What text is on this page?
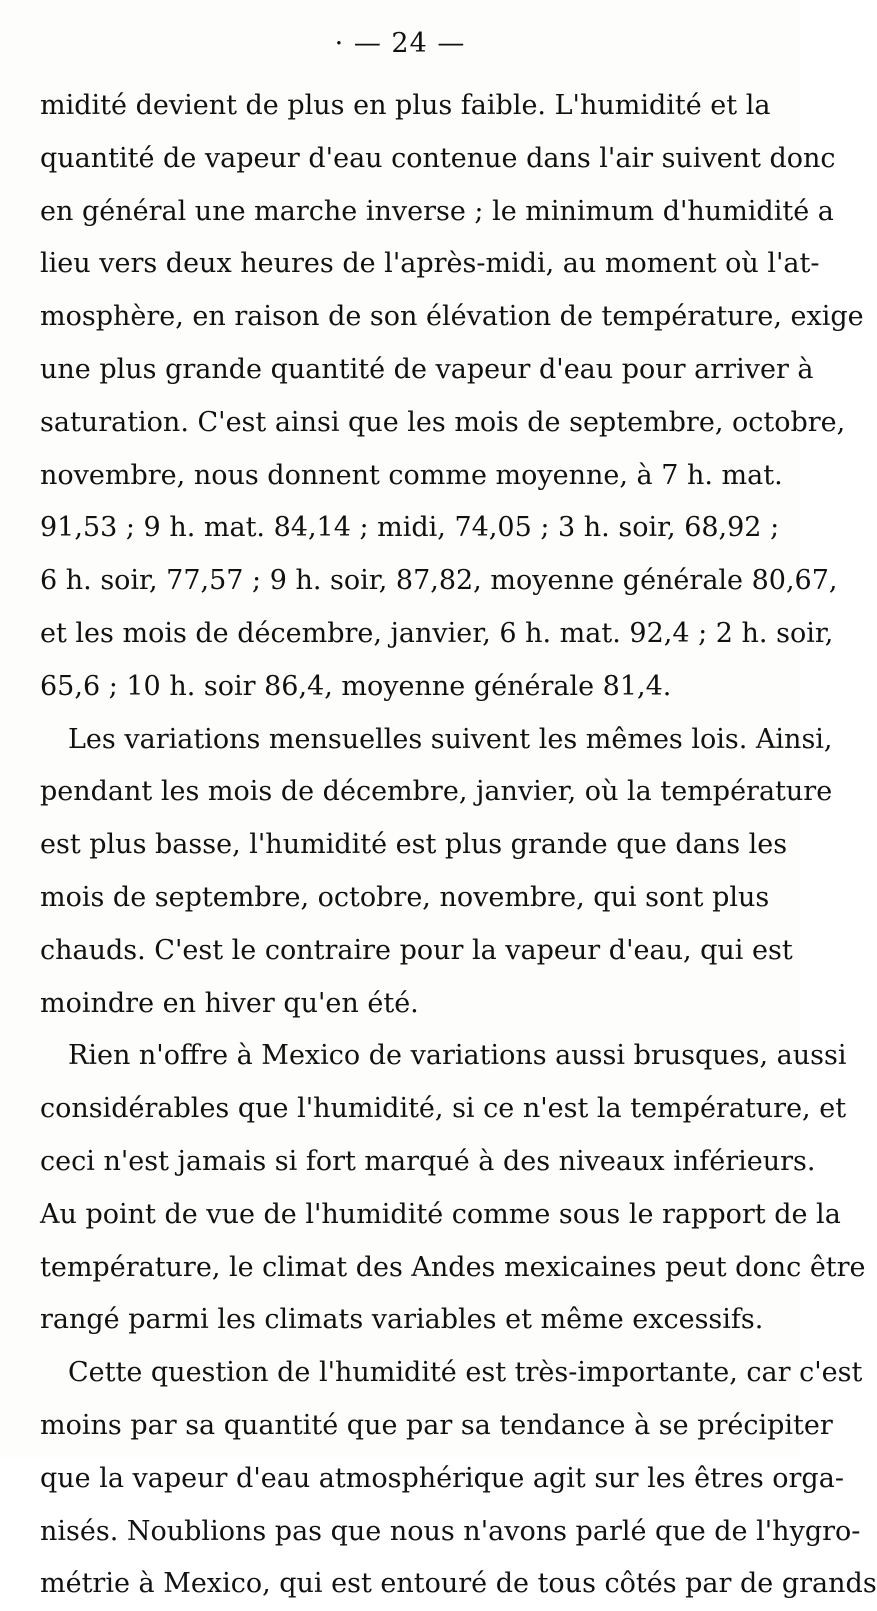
· — 24 —
midité devient de plus en plus faible. L'humidité et la
quantité de vapeur d'eau contenue dans l'air suivent donc
en général une marche inverse ; le minimum d'humidité a
lieu vers deux heures de l'après-midi, au moment où l'at-
mosphère, en raison de son élévation de température, exige
une plus grande quantité de vapeur d'eau pour arriver à
saturation. C'est ainsi que les mois de septembre, octobre,
novembre, nous donnent comme moyenne, à 7 h. mat.
91,53 ; 9 h. mat. 84,14 ; midi, 74,05 ; 3 h. soir, 68,92 ;
6 h. soir, 77,57 ; 9 h. soir, 87,82, moyenne générale 80,67,
et les mois de décembre, janvier, 6 h. mat. 92,4 ; 2 h. soir,
65,6 ; 10 h. soir 86,4, moyenne générale 81,4.
Les variations mensuelles suivent les mêmes lois. Ainsi,
pendant les mois de décembre, janvier, où la température
est plus basse, l'humidité est plus grande que dans les
mois de septembre, octobre, novembre, qui sont plus
chauds. C'est le contraire pour la vapeur d'eau, qui est
moindre en hiver qu'en été.
Rien n'offre à Mexico de variations aussi brusques, aussi
considérables que l'humidité, si ce n'est la température, et
ceci n'est jamais si fort marqué à des niveaux inférieurs.
Au point de vue de l'humidité comme sous le rapport de la
température, le climat des Andes mexicaines peut donc être
rangé parmi les climats variables et même excessifs.
Cette question de l'humidité est très-importante, car c'est
moins par sa quantité que par sa tendance à se précipiter
que la vapeur d'eau atmosphérique agit sur les êtres orga-
nisés. Noublions pas que nous n'avons parlé que de l'hygro-
métrie à Mexico, qui est entouré de tous côtés par de grands
